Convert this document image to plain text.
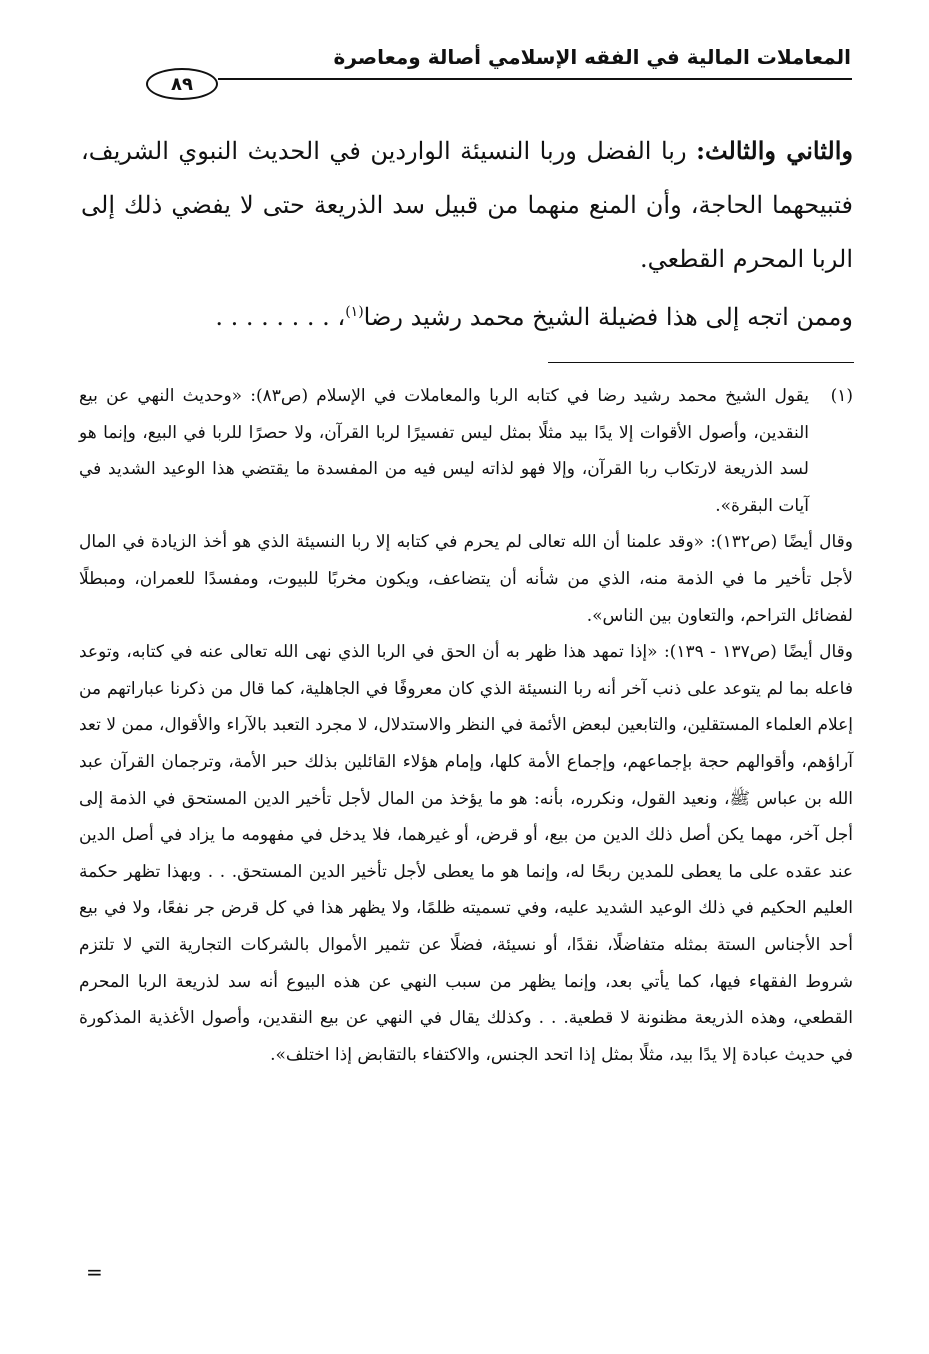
المعاملات المالية في الفقه الإسلامي أصالة ومعاصرة
٨٩

والثاني والثالث: ربا الفضل وربا النسيئة الواردين في الحديث النبوي الشريف، فتبيحهما الحاجة، وأن المنع منهما من قبيل سد الذريعة حتى لا يفضي ذلك إلى الربا المحرم القطعي.

وممن اتجه إلى هذا فضيلة الشيخ محمد رشيد رضا$^{(١)}$، . . . . . . . .

(١)
يقول الشيخ محمد رشيد رضا في كتابه الربا والمعاملات في الإسلام (ص٨٣): «وحديث النهي عن بيع النقدين، وأصول الأقوات إلا يدًا بيد مثلًا بمثل ليس تفسيرًا لربا القرآن، ولا حصرًا للربا في البيع، وإنما هو لسد الذريعة لارتكاب ربا القرآن، وإلا فهو لذاته ليس فيه من المفسدة ما يقتضي هذا الوعيد الشديد في آيات البقرة».

وقال أيضًا (ص١٣٢): «وقد علمنا أن الله تعالى لم يحرم في كتابه إلا ربا النسيئة الذي هو أخذ الزيادة في المال لأجل تأخير ما في الذمة منه، الذي من شأنه أن يتضاعف، ويكون مخربًا للبيوت، ومفسدًا للعمران، ومبطلًا لفضائل التراحم، والتعاون بين الناس».

وقال أيضًا (ص١٣٧ - ١٣٩): «إذا تمهد هذا ظهر به أن الحق في الربا الذي نهى الله تعالى عنه في كتابه، وتوعد فاعله بما لم يتوعد على ذنب آخر أنه ربا النسيئة الذي كان معروفًا في الجاهلية، كما قال من ذكرنا عباراتهم من إعلام العلماء المستقلين، والتابعين لبعض الأئمة في النظر والاستدلال، لا مجرد التعبد بالآراء والأقوال، ممن لا تعد آراؤهم، وأقوالهم حجة بإجماعهم، وإجماع الأمة كلها، وإمام هؤلاء القائلين بذلك حبر الأمة، وترجمان القرآن عبد الله بن عباس ﷺ، ونعيد القول، ونكرره، بأنه: هو ما يؤخذ من المال لأجل تأخير الدين المستحق في الذمة إلى أجل آخر، مهما يكن أصل ذلك الدين من بيع، أو قرض، أو غيرهما، فلا يدخل في مفهومه ما يزاد في أصل الدين عند عقده على ما يعطى للمدين ربحًا له، وإنما هو ما يعطى لأجل تأخير الدين المستحق. . . وبهذا تظهر حكمة العليم الحكيم في ذلك الوعيد الشديد عليه، وفي تسميته ظلمًا، ولا يظهر هذا في كل قرض جر نفعًا، ولا في بيع أحد الأجناس الستة بمثله متفاضلًا، نقدًا، أو نسيئة، فضلًا عن تثمير الأموال بالشركات التجارية التي لا تلتزم شروط الفقهاء فيها، كما يأتي بعد، وإنما يظهر من سبب النهي عن هذه البيوع أنه سد لذريعة الربا المحرم القطعي، وهذه الذريعة مظنونة لا قطعية. . . وكذلك يقال في النهي عن بيع النقدين، وأصول الأغذية المذكورة في حديث عبادة إلا يدًا بيد، مثلًا بمثل إذا اتحد الجنس، والاكتفاء بالتقابض إذا اختلف».

=
